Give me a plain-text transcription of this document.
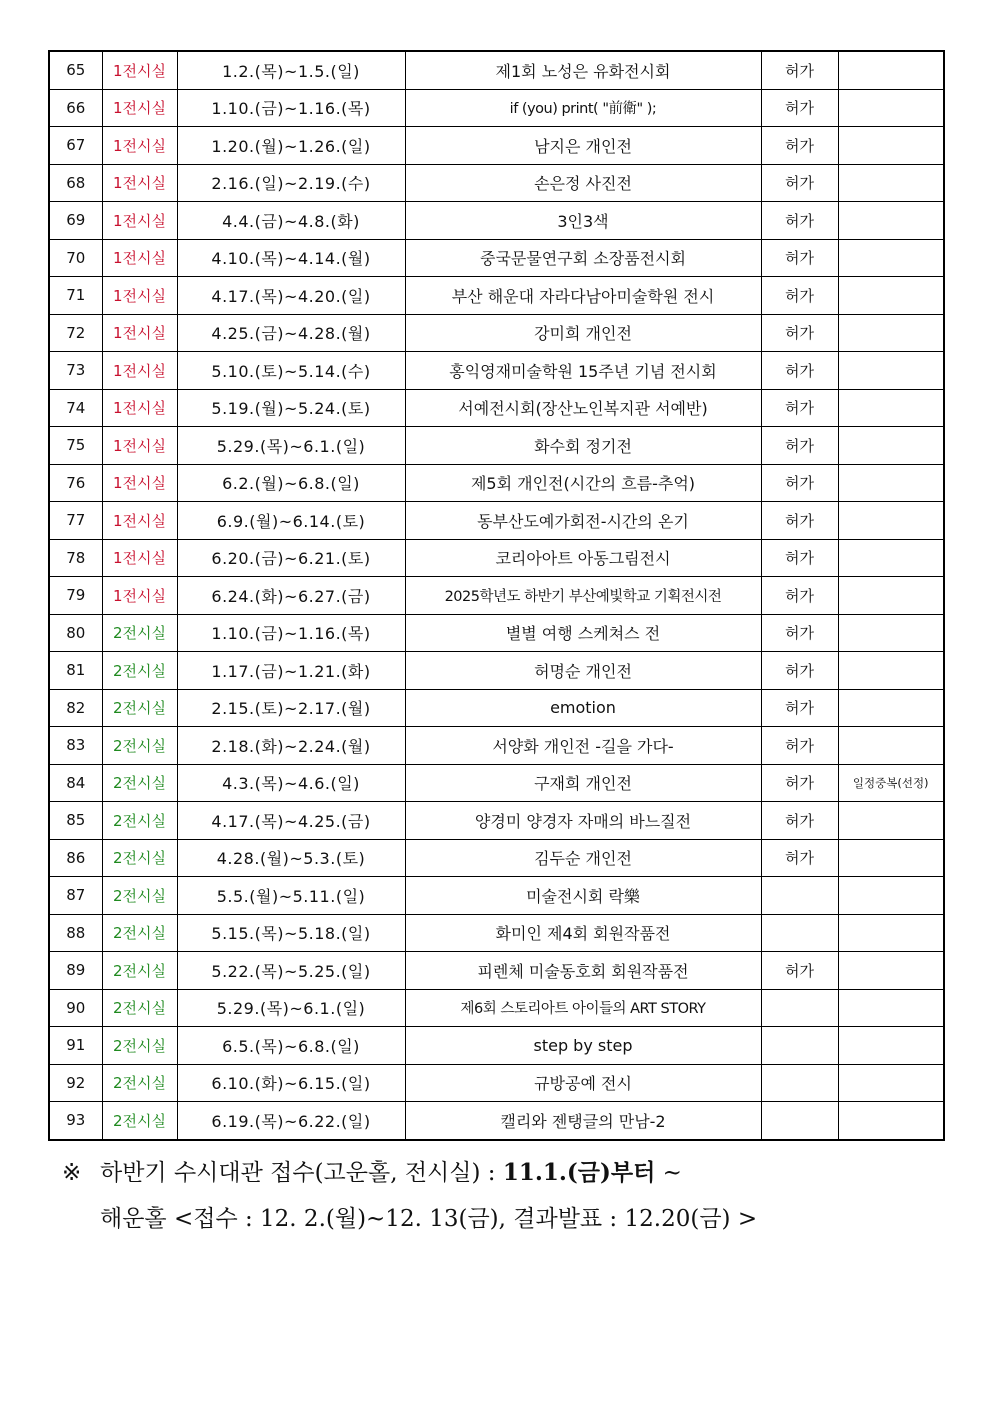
65	1전시실	1.2.(목)~1.5.(일)	제1회 노성은 유화전시회	허가	
66	1전시실	1.10.(금)~1.16.(목)	if (you) print( "前衛" );	허가	
67	1전시실	1.20.(월)~1.26.(일)	남지은 개인전	허가	
68	1전시실	2.16.(일)~2.19.(수)	손은정 사진전	허가	
69	1전시실	4.4.(금)~4.8.(화)	3인3색	허가	
70	1전시실	4.10.(목)~4.14.(월)	중국문물연구회 소장품전시회	허가	
71	1전시실	4.17.(목)~4.20.(일)	부산 해운대 자라다남아미술학원 전시	허가	
72	1전시실	4.25.(금)~4.28.(월)	강미희 개인전	허가	
73	1전시실	5.10.(토)~5.14.(수)	홍익영재미술학원 15주년 기념 전시회	허가	
74	1전시실	5.19.(월)~5.24.(토)	서예전시회(장산노인복지관 서예반)	허가	
75	1전시실	5.29.(목)~6.1.(일)	화수회 정기전	허가	
76	1전시실	6.2.(월)~6.8.(일)	제5회 개인전(시간의 흐름-추억)	허가	
77	1전시실	6.9.(월)~6.14.(토)	동부산도예가회전-시간의 온기	허가	
78	1전시실	6.20.(금)~6.21.(토)	코리아아트 아동그림전시	허가	
79	1전시실	6.24.(화)~6.27.(금)	2025학년도 하반기 부산예빛학교 기획전시전	허가	
80	2전시실	1.10.(금)~1.16.(목)	별별 여행 스케쳐스 전	허가	
81	2전시실	1.17.(금)~1.21.(화)	허명순 개인전	허가	
82	2전시실	2.15.(토)~2.17.(월)	emotion	허가	
83	2전시실	2.18.(화)~2.24.(월)	서양화 개인전 -길을 가다-	허가	
84	2전시실	4.3.(목)~4.6.(일)	구재희 개인전	허가	일정중복(선정)
85	2전시실	4.17.(목)~4.25.(금)	양경미 양경자 자매의 바느질전	허가	
86	2전시실	4.28.(월)~5.3.(토)	김두순 개인전	허가	
87	2전시실	5.5.(월)~5.11.(일)	미술전시회 락樂		
88	2전시실	5.15.(목)~5.18.(일)	화미인 제4회 회원작품전		
89	2전시실	5.22.(목)~5.25.(일)	피렌체 미술동호회 회원작품전	허가	
90	2전시실	5.29.(목)~6.1.(일)	제6회 스토리아트 아이들의 ART STORY		
91	2전시실	6.5.(목)~6.8.(일)	step by step		
92	2전시실	6.10.(화)~6.15.(일)	규방공예 전시		
93	2전시실	6.19.(목)~6.22.(일)	캘리와 젠탱글의 만남-2		
※ 하반기 수시대관 접수(고운홀, 전시실) : 11.1.(금)부터 ~
해운홀 <접수 : 12. 2.(월)~12. 13(금), 결과발표 : 12.20(금) >
